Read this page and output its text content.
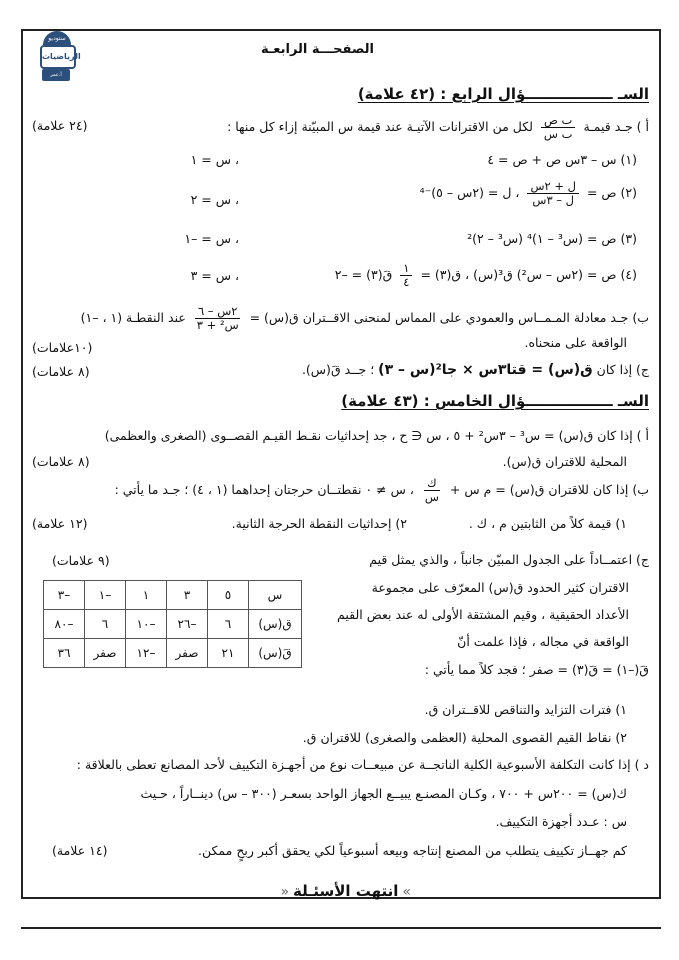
ستوديو
الرياضيات
أ.عمر الروابدة
الصفحـــة الرابعـة
السـ ـــــــــــــــــؤال الرابع : (٤٢ علامة)
أ ) جـد قيمـة
$\frac{\text{ٮ ص}}{\text{ٮ س}}$
لكل من الاقترانات الآتيـة عند قيمة س المبيّنة إزاء كل منها :
(٢٤ علامة)
(١) س – ٣س ص + ص = ٤
، س = ١
(٢) ص =
$\frac{\text{ل + ٢س}}{\text{ل – ٣س}}$
، ل = (٢س – ٥)⁻⁴
، س = ٢
(٣) ص = (س³ – ١)⁴ (س³ – ٢)²
، س = –١
(٤) ص = (٢س – س²) ق³(س) ، ق(٣) =
$\frac{١}{٤}$
قَ(٣) = –٢
، س = ٣
ب) جـد معادلة المـمــاس والعمودي على المماس لمنحنى الاقــتران ق(س) =
$\frac{\text{٢س – ٦}}{\text{س² + ٣}}$
عند النقطـة (١ ، –١)
الواقعة على منحناه.
(١٠علامات)
ج) إذا كان ق(س) = قتا٣س × جا²(س – ٣) ؛ جــد قَ(س).
(٨ علامات)
السـ ـــــــــــــــــؤال الخامس : (٤٣ علامة)
أ ) إذا كان ق(س) = س³ – ٣س² + ٥ ، س ∈ ح ، جد إحداثيات نقـط القيـم القصــوى (الصغرى والعظمى)
المحلية للاقتران ق(س).
(٨ علامات)
ب) إذا كان للاقتران ق(س) = م س +
$\frac{\text{ك}}{\text{س}}$
، س ≠ ٠ نقطتــان حرجتان إحداهما (١ ، ٤) ؛ جـد ما يأتي :
١) قيمة كلاً من الثابتين م ، ك .
٢) إحداثيات النقطة الحرجة الثانية.
(١٢ علامة)
(٩ علامات)	ج) اعتمــاداً على الجدول المبيّن جانباً ، والذي يمثل قيم
الاقتران كثير الحدود ق(س) المعرّف على مجموعة
الأعداد الحقيقية ، وقيم المشتقة الأولى له عند بعض القيم
الواقعة في مجاله ، فإذا علمت أنّ
قَ(–١) = قَ(٣) = صفر ؛ فجد كلاً مما يأتي :
س	٥	٣	١	–١	–٣
ق(س)	٦	–٢٦	–١٠	٦	–٨٠
قَ(س)	٢١	صفر	–١٢	صفر	٣٦
١) فترات التزايد والتناقص للاقــتران ق.
٢) نقاط القيم القصوى المحلية (العظمى والصغرى) للاقتران ق.
د ) إذا كانت التكلفة الأسبوعية الكلية الناتجــة عن مبيعــات نوع من أجهـزة التكييف لأحد المصانع تعطى بالعلاقة :
ك(س) = ٢٠٠س + ٧٠٠ ، وكـان المصنـع يبيــع الجهاز الواحد بسعـر (٣٠٠ – س) دينــاراً ، حـيث
س : عـدد أجهزة التكييف.
كم جهــاز تكييف يتطلب من المصنع إنتاجه وبيعه أسبوعياً لكي يحقق أكبر ربحٍ ممكن.
(١٤ علامة)
» انتهت الأسئـلة «
